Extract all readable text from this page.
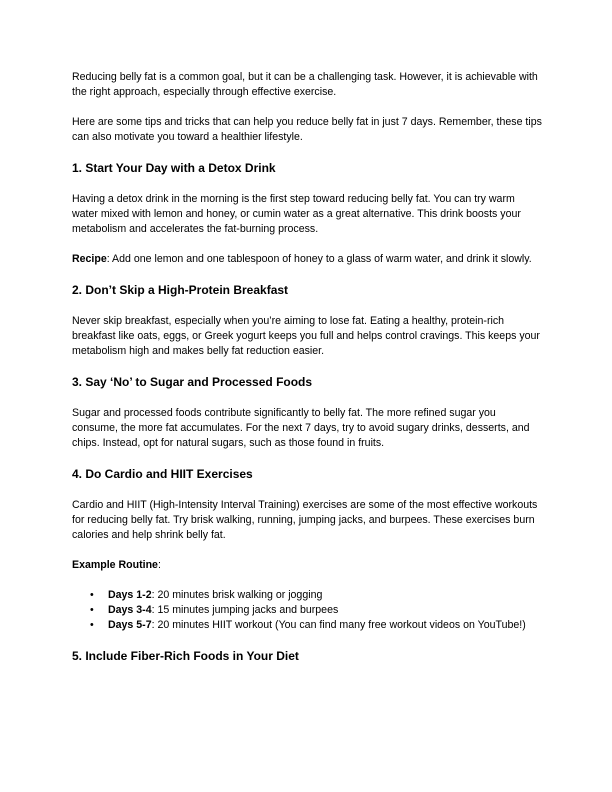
Reducing belly fat is a common goal, but it can be a challenging task. However, it is achievable with the right approach, especially through effective exercise.

Here are some tips and tricks that can help you reduce belly fat in just 7 days. Remember, these tips can also motivate you toward a healthier lifestyle.

1. Start Your Day with a Detox Drink

Having a detox drink in the morning is the first step toward reducing belly fat. You can try warm water mixed with lemon and honey, or cumin water as a great alternative. This drink boosts your metabolism and accelerates the fat-burning process.

Recipe: Add one lemon and one tablespoon of honey to a glass of warm water, and drink it slowly.

2. Don’t Skip a High-Protein Breakfast

Never skip breakfast, especially when you’re aiming to lose fat. Eating a healthy, protein-rich breakfast like oats, eggs, or Greek yogurt keeps you full and helps control cravings. This keeps your metabolism high and makes belly fat reduction easier.

3. Say ‘No’ to Sugar and Processed Foods

Sugar and processed foods contribute significantly to belly fat. The more refined sugar you consume, the more fat accumulates. For the next 7 days, try to avoid sugary drinks, desserts, and chips. Instead, opt for natural sugars, such as those found in fruits.

4. Do Cardio and HIIT Exercises

Cardio and HIIT (High-Intensity Interval Training) exercises are some of the most effective workouts for reducing belly fat. Try brisk walking, running, jumping jacks, and burpees. These exercises burn calories and help shrink belly fat.

Example Routine:

• Days 1-2: 20 minutes brisk walking or jogging
• Days 3-4: 15 minutes jumping jacks and burpees
• Days 5-7: 20 minutes HIIT workout (You can find many free workout videos on YouTube!)
5. Include Fiber-Rich Foods in Your Diet
